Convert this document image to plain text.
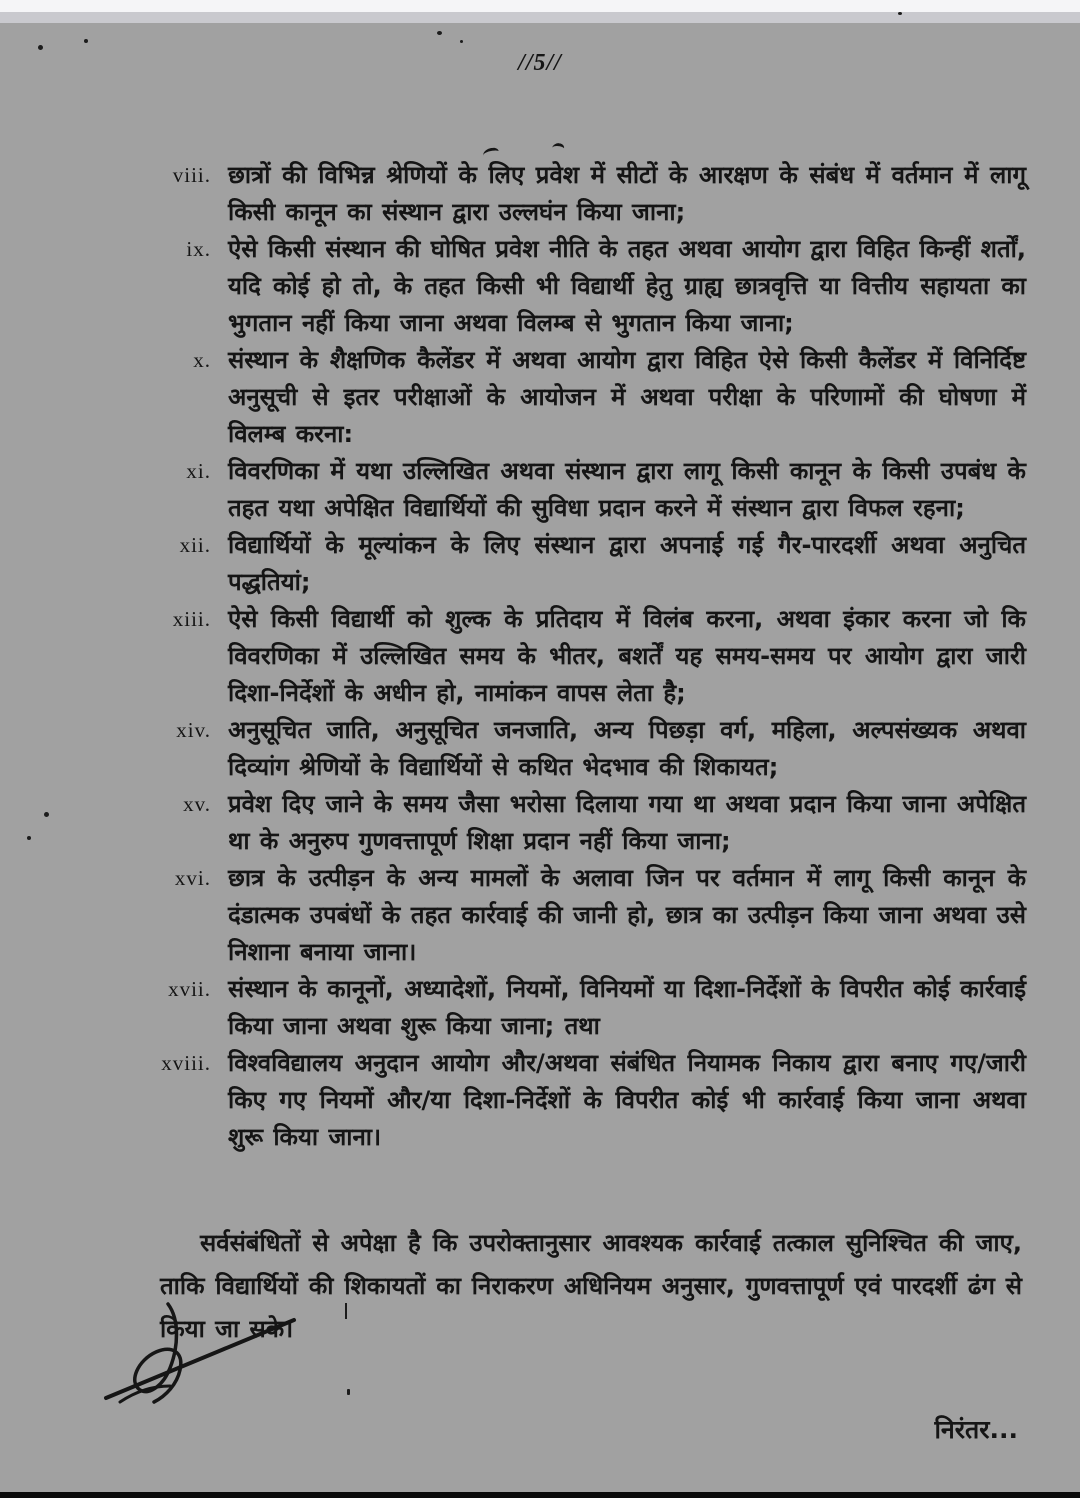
//5//
viii. छात्रों की विभिन्न श्रेणियों के लिए प्रवेश में सीटों के आरक्षण के संबंध में वर्तमान में लागू किसी कानून का संस्थान द्वारा उल्लघंन किया जाना;
ix. ऐसे किसी संस्थान की घोषित प्रवेश नीति के तहत अथवा आयोग द्वारा विहित किन्हीं शर्तों, यदि कोई हो तो, के तहत किसी भी विद्यार्थी हेतु ग्राह्य छात्रवृत्ति या वित्तीय सहायता का भुगतान नहीं किया जाना अथवा विलम्ब से भुगतान किया जाना;
x. संस्थान के शैक्षणिक कैलेंडर में अथवा आयोग द्वारा विहित ऐसे किसी कैलेंडर में विनिर्दिष्ट अनुसूची से इतर परीक्षाओं के आयोजन में अथवा परीक्षा के परिणामों की घोषणा में विलम्ब करना:
xi. विवरणिका में यथा उल्लिखित अथवा संस्थान द्वारा लागू किसी कानून के किसी उपबंध के तहत यथा अपेक्षित विद्यार्थियों की सुविधा प्रदान करने में संस्थान द्वारा विफल रहना;
xii. विद्यार्थियों के मूल्यांकन के लिए संस्थान द्वारा अपनाई गई गैर-पारदर्शी अथवा अनुचित पद्धतियां;
xiii. ऐसे किसी विद्यार्थी को शुल्क के प्रतिदाय में विलंब करना, अथवा इंकार करना जो कि विवरणिका में उल्लिखित समय के भीतर, बशर्तें यह समय-समय पर आयोग द्वारा जारी दिशा-निर्देशों के अधीन हो, नामांकन वापस लेता है;
xiv. अनुसूचित जाति, अनुसूचित जनजाति, अन्य पिछड़ा वर्ग, महिला, अल्पसंख्यक अथवा दिव्यांग श्रेणियों के विद्यार्थियों से कथित भेदभाव की शिकायत;
xv. प्रवेश दिए जाने के समय जैसा भरोसा दिलाया गया था अथवा प्रदान किया जाना अपेक्षित था के अनुरुप गुणवत्तापूर्ण शिक्षा प्रदान नहीं किया जाना;
xvi. छात्र के उत्पीड़न के अन्य मामलों के अलावा जिन पर वर्तमान में लागू किसी कानून के दंडात्मक उपबंधों के तहत कार्रवाई की जानी हो, छात्र का उत्पीड़न किया जाना अथवा उसे निशाना बनाया जाना।
xvii. संस्थान के कानूनों, अध्यादेशों, नियमों, विनियमों या दिशा-निर्देशों के विपरीत कोई कार्रवाई किया जाना अथवा शुरू किया जाना; तथा
xviii. विश्वविद्यालय अनुदान आयोग और/अथवा संबंधित नियामक निकाय द्वारा बनाए गए/जारी किए गए नियमों और/या दिशा-निर्देशों के विपरीत कोई भी कार्रवाई किया जाना अथवा शुरू किया जाना।
सर्वसंबंधितों से अपेक्षा है कि उपरोक्तानुसार आवश्यक कार्रवाई तत्काल सुनिश्चित की जाए, ताकि विद्यार्थियों की शिकायतों का निराकरण अधिनियम अनुसार, गुणवत्तापूर्ण एवं पारदर्शी ढंग से किया जा सके।
निरंतर...
